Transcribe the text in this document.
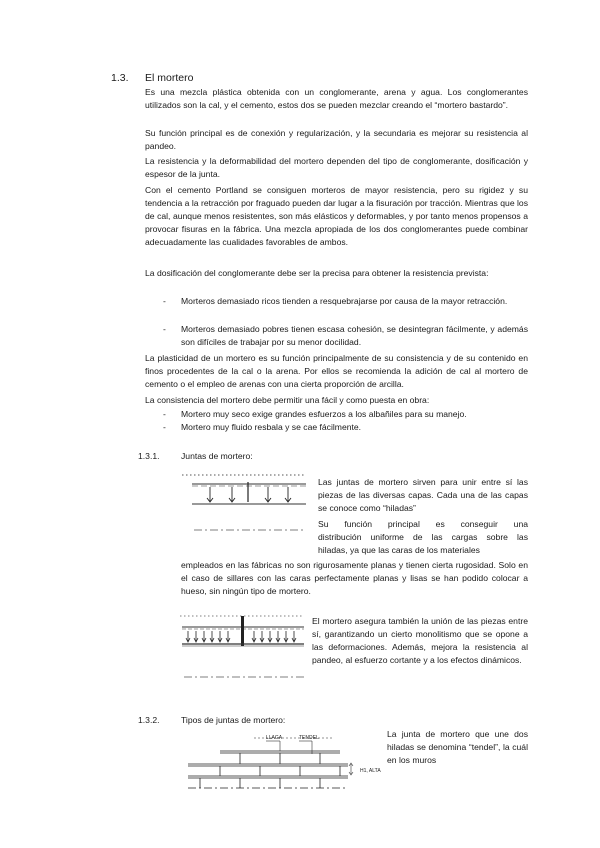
1.3. El mortero
Es una mezcla plástica obtenida con un conglomerante, arena y agua. Los conglomerantes utilizados son la cal, y el cemento, estos dos se pueden mezclar creando el “mortero bastardo”.
Su función principal es de conexión y regularización, y la secundaria es mejorar su resistencia al pandeo.
La resistencia y la deformabilidad del mortero dependen del tipo de conglomerante, dosificación y espesor de la junta.
Con el cemento Portland se consiguen morteros de mayor resistencia, pero su rigidez y su tendencia a la retracción por fraguado pueden dar lugar a la fisuración por tracción. Mientras que los de cal, aunque menos resistentes, son más elásticos y deformables, y por tanto menos propensos a provocar fisuras en la fábrica. Una mezcla apropiada de los dos conglomerantes puede combinar adecuadamente las cualidades favorables de ambos.
La dosificación del conglomerante debe ser la precisa para obtener la resistencia prevista:
- Morteros demasiado ricos tienden a resquebrajarse por causa de la mayor retracción.
- Morteros demasiado pobres tienen escasa cohesión, se desintegran fácilmente, y además son difíciles de trabajar por su menor docilidad.
La plasticidad de un mortero es su función principalmente de su consistencia y de su contenido en finos procedentes de la cal o la arena. Por ellos se recomienda la adición de cal al mortero de cemento o el empleo de arenas con una cierta proporción de arcilla.
La consistencia del mortero debe permitir una fácil y como puesta en obra:
- Mortero muy seco exige grandes esfuerzos a los albañiles para su manejo.
- Mortero muy fluido resbala y se cae fácilmente.
1.3.1. Juntas de mortero:
Las juntas de mortero sirven para unir entre sí las piezas de las diversas capas. Cada una de las capas se conoce como “hiladas”
Su función principal es conseguir una
distribución uniforme de las cargas sobre las
hiladas, ya que las caras de los materiales
empleados en las fábricas no son rigurosamente planas y tienen cierta rugosidad. Solo en el caso de sillares con las caras perfectamente planas y lisas se han podido colocar a hueso, sin ningún tipo de mortero.
El mortero asegura también la unión de las piezas entre sí, garantizando un cierto monolitismo que se opone a las deformaciones. Además, mejora la resistencia al pandeo, al esfuerzo cortante y a los efectos dinámicos.
1.3.2. Tipos de juntas de mortero:
LLAGA	TENDEL
H1, ALTA
La junta de mortero que une dos hiladas se denomina “tendel”, la cuál en los muros
